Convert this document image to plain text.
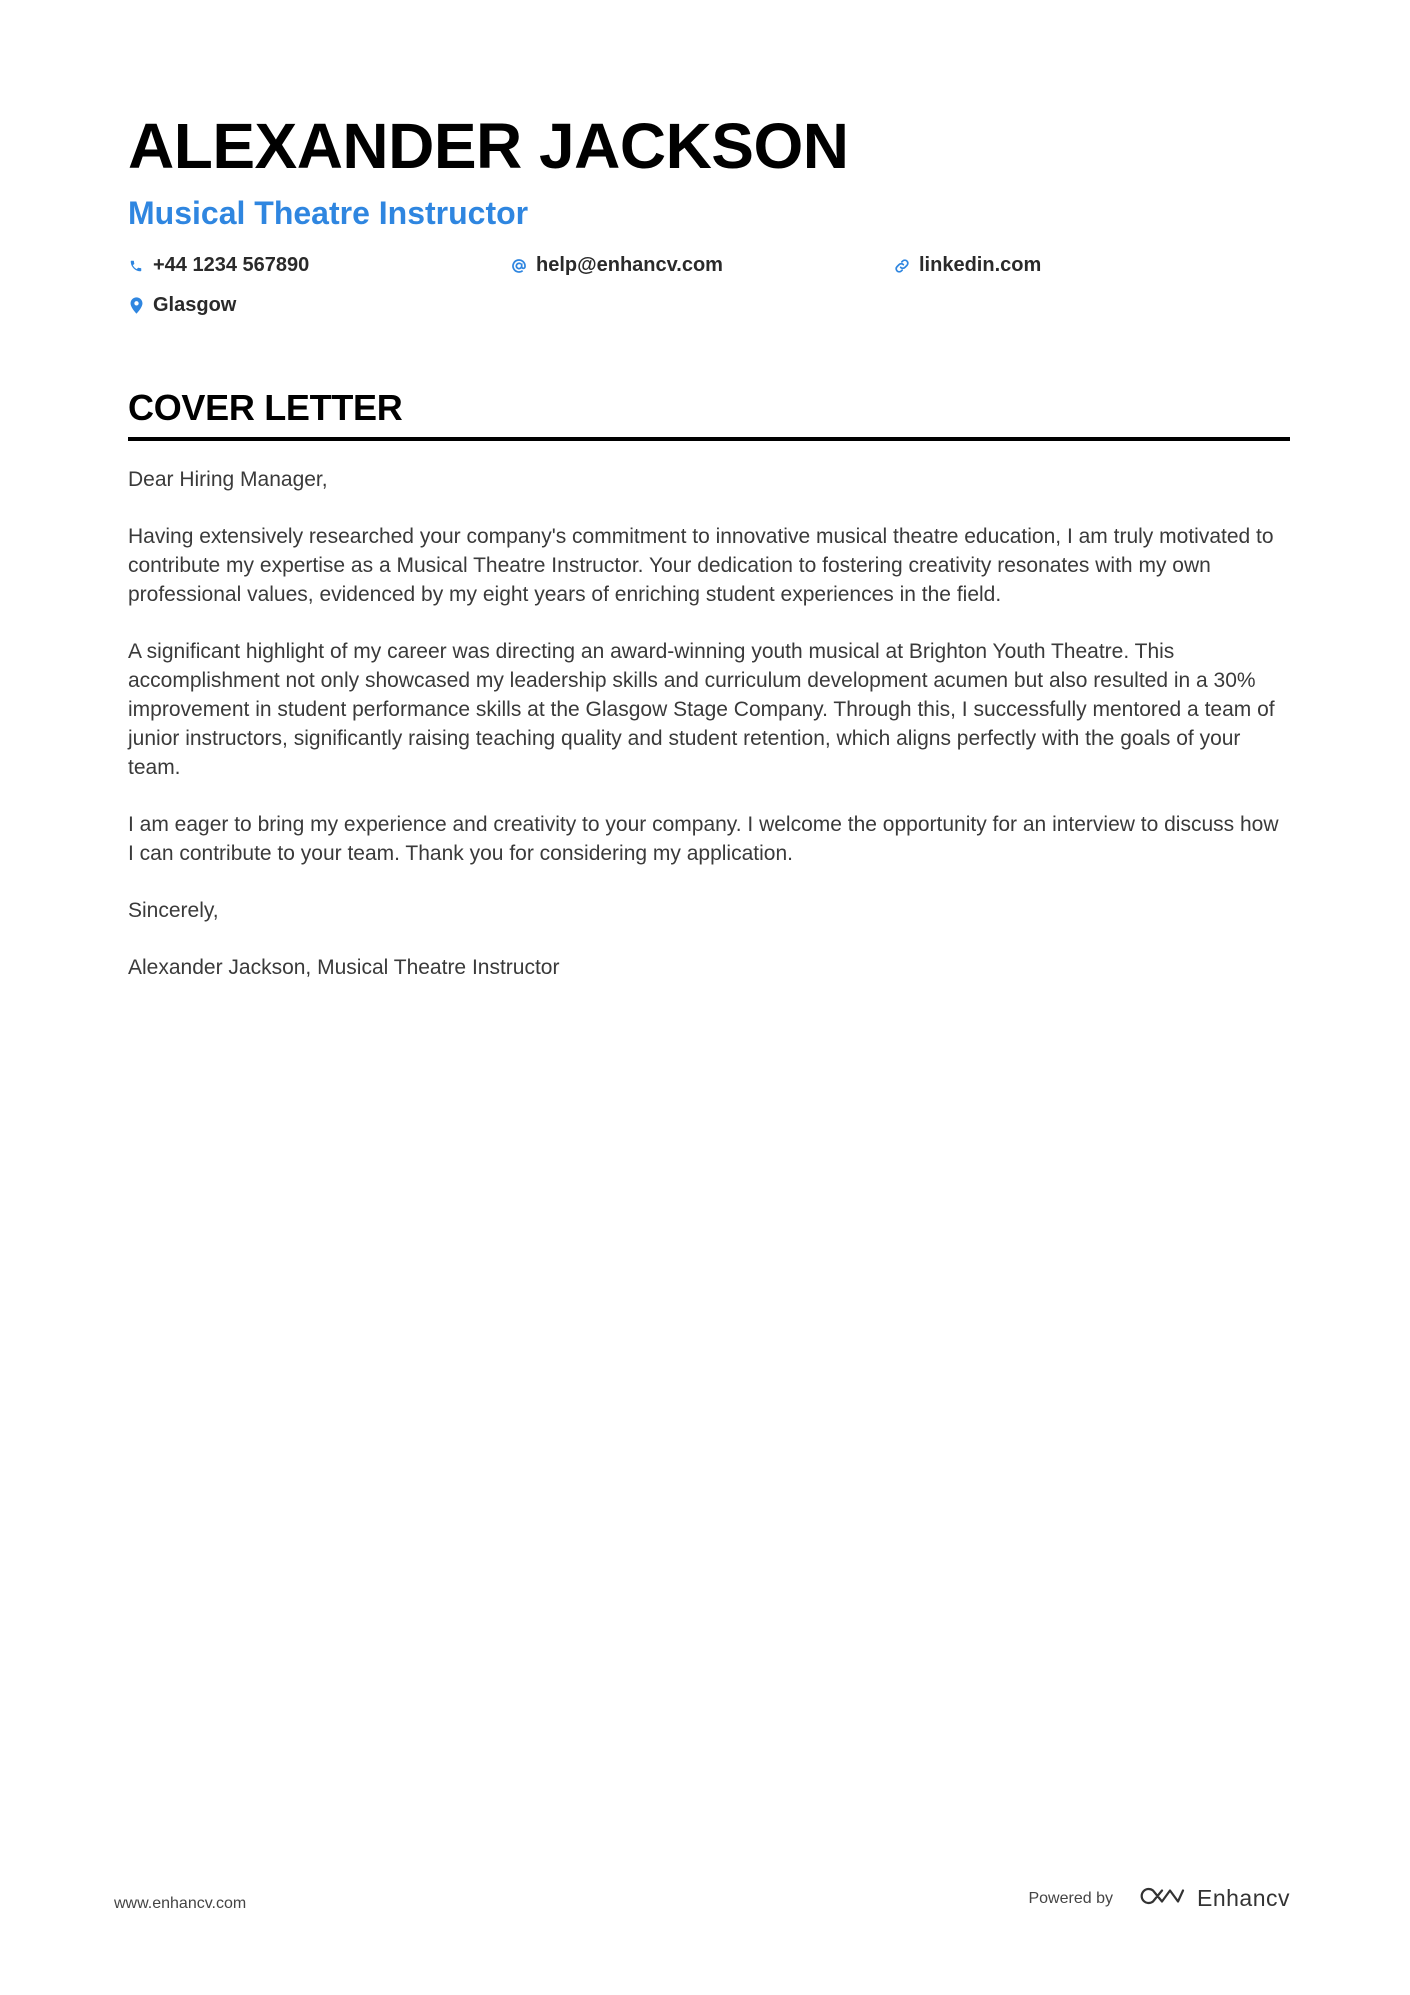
ALEXANDER JACKSON
Musical Theatre Instructor
+44 1234 567890	help@enhancv.com	linkedin.com
Glasgow
COVER LETTER

Dear Hiring Manager,

Having extensively researched your company's commitment to innovative musical theatre education, I am truly motivated to contribute my expertise as a Musical Theatre Instructor. Your dedication to fostering creativity resonates with my own professional values, evidenced by my eight years of enriching student experiences in the field.

A significant highlight of my career was directing an award-winning youth musical at Brighton Youth Theatre. This accomplishment not only showcased my leadership skills and curriculum development acumen but also resulted in a 30% improvement in student performance skills at the Glasgow Stage Company. Through this, I successfully mentored a team of junior instructors, significantly raising teaching quality and student retention, which aligns perfectly with the goals of your team.

I am eager to bring my experience and creativity to your company. I welcome the opportunity for an interview to discuss how I can contribute to your team. Thank you for considering my application.

Sincerely,

Alexander Jackson, Musical Theatre Instructor

www.enhancv.com	Powered by	Enhancv
